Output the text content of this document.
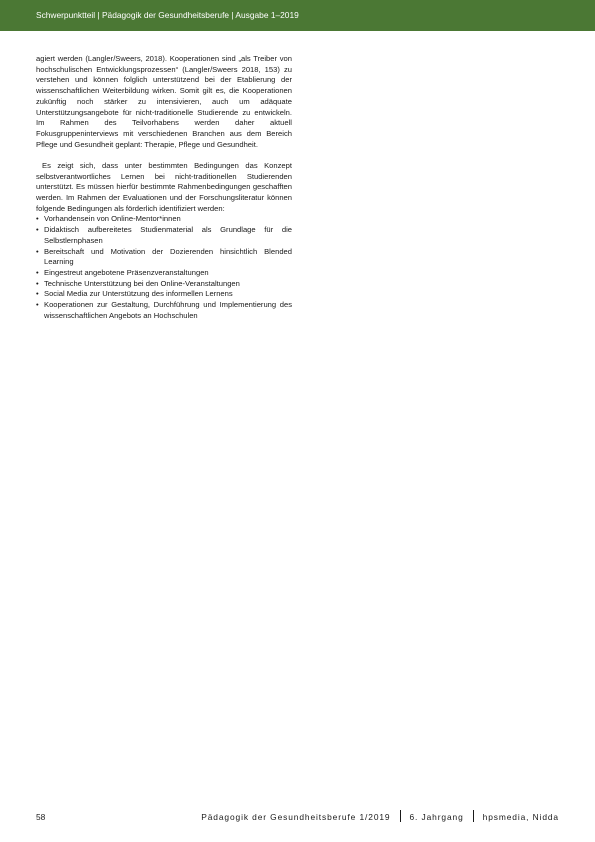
Schwerpunktteil | Pädagogik der Gesundheitsberufe | Ausgabe 1–2019

agiert werden (Langler/Sweers, 2018). Kooperationen sind „als Treiber von hochschulischen Entwicklungsprozessen“ (Langler/Sweers 2018, 153) zu verstehen und können folglich unterstützend bei der Etablierung der wissenschaftlichen Weiterbildung wirken. Somit gilt es, die Kooperationen zukünftig noch stärker zu intensivieren, auch um adäquate Unterstützungsangebote für nicht-traditionelle Studierende zu entwickeln. Im Rahmen des Teilvorhabens werden daher aktuell Fokusgruppeninterviews mit verschiedenen Branchen aus dem Bereich Pflege und Gesundheit geplant: Therapie, Pflege und Gesundheit.

Es zeigt sich, dass unter bestimmten Bedingungen das Konzept selbstverantwortliches Lernen bei nicht-traditionellen Studierenden unterstützt. Es müssen hierfür bestimmte Rahmenbedingungen geschafften werden. Im Rahmen der Evaluationen und der Forschungsliteratur können folgende Bedingungen als förderlich identifiziert werden:

• Vorhandensein von Online-Mentor*innen
• Didaktisch aufbereitetes Studienmaterial als Grundlage für die Selbstlernphasen
• Bereitschaft und Motivation der Dozierenden hinsichtlich Blended Learning
• Eingestreut angebotene Präsenzveranstaltungen
• Technische Unterstützung bei den Online-Veranstaltungen
• Social Media zur Unterstützung des informellen Lernens
• Kooperationen zur Gestaltung, Durchführung und Implementierung des wissenschaftlichen Angebots an Hochschulen
58	Pädagogik der Gesundheitsberufe 1/2019 6. Jahrgang hpsmedia, Nidda
